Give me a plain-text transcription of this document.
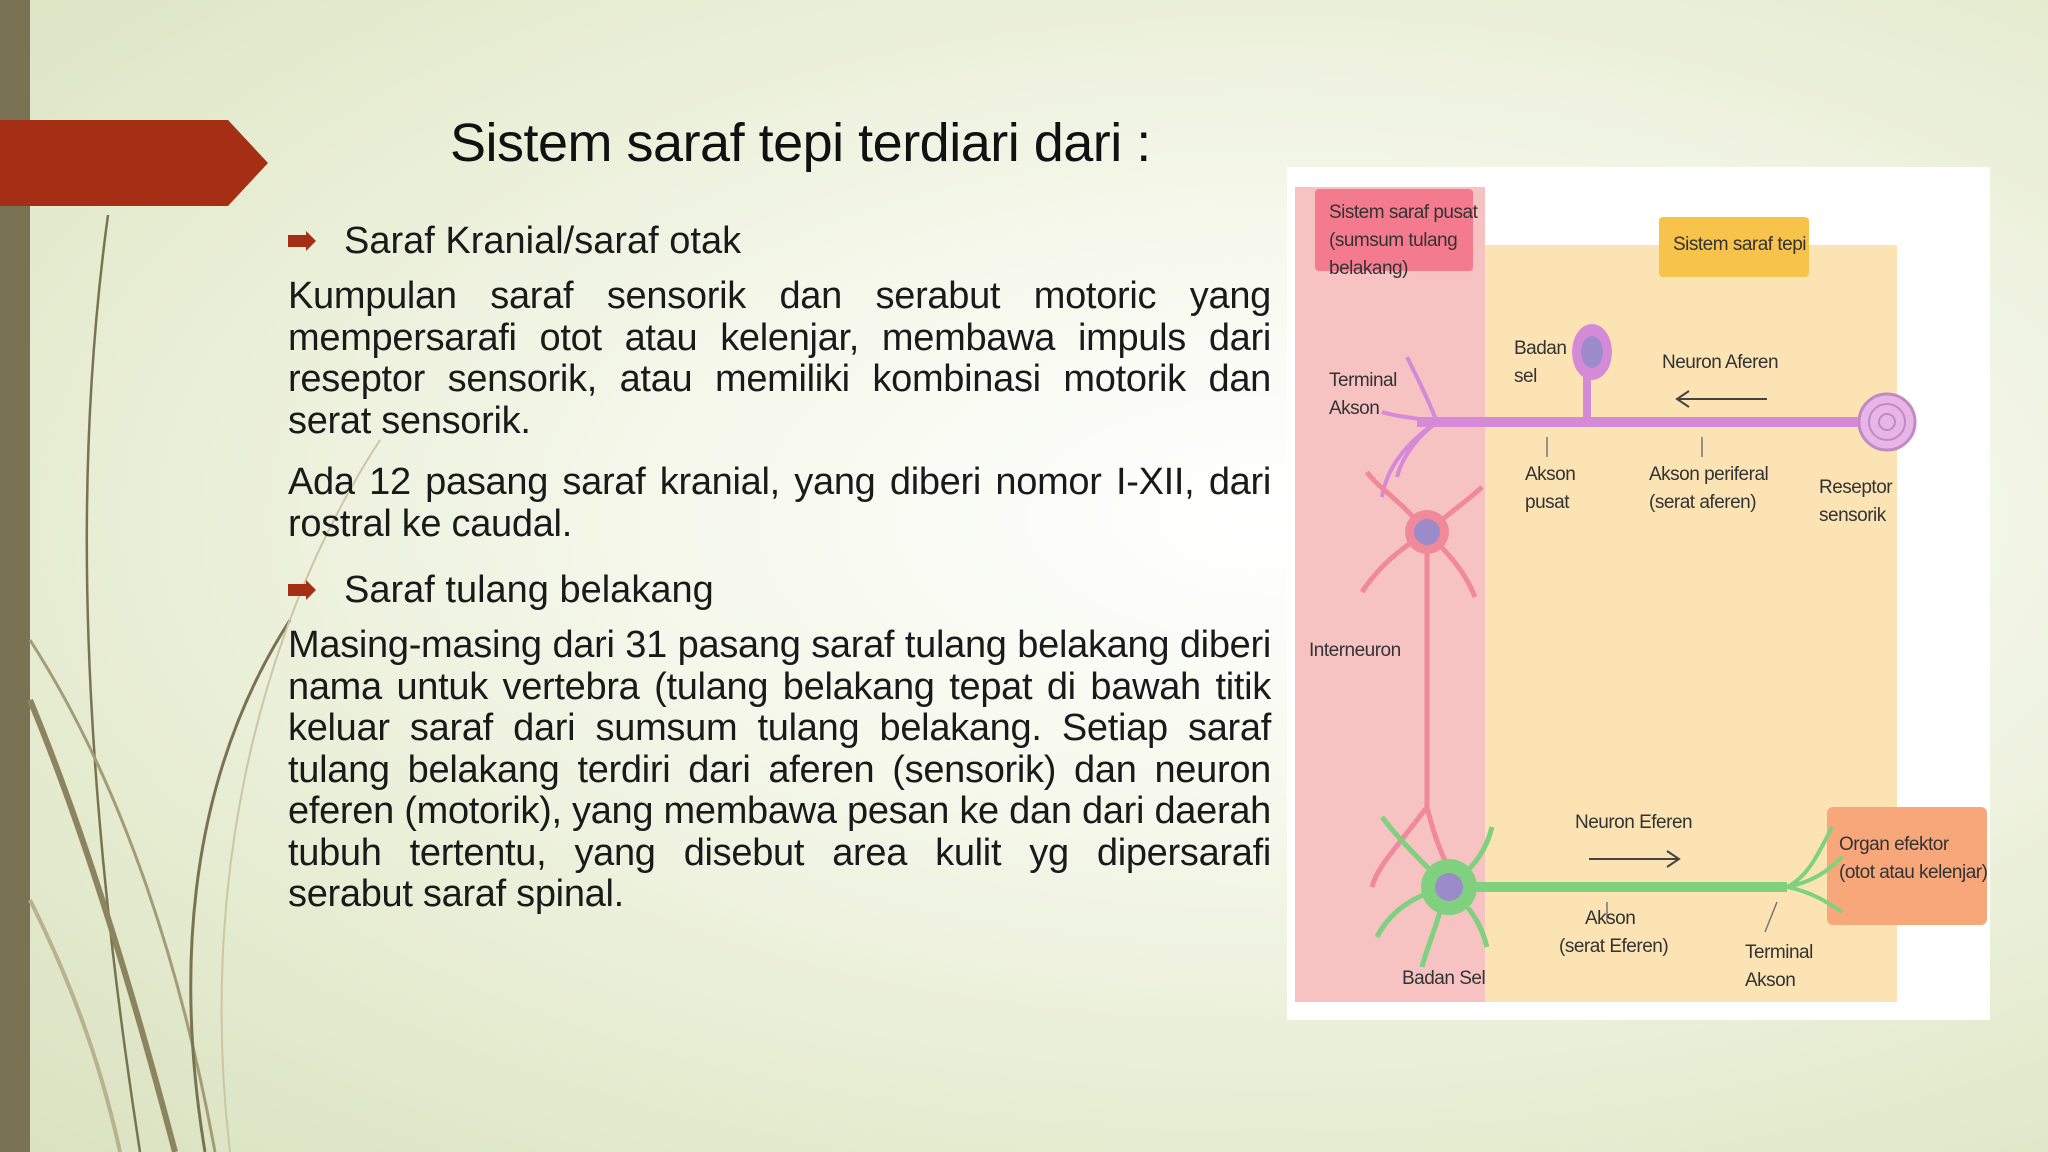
Sistem saraf tepi terdiari dari :
Saraf Kranial/saraf otak

Kumpulan saraf sensorik dan serabut motoric yang mempersarafi otot atau kelenjar, membawa impuls dari reseptor sensorik, atau memiliki kombinasi motorik dan serat sensorik.

Ada 12 pasang saraf kranial, yang diberi nomor I-XII, dari rostral ke caudal.

Saraf tulang belakang

Masing-masing dari 31 pasang saraf tulang belakang diberi nama untuk vertebra (tulang belakang tepat di bawah titik keluar saraf dari sumsum tulang belakang. Setiap saraf tulang belakang terdiri dari aferen (sensorik) dan neuron eferen (motorik), yang membawa pesan ke dan dari daerah tubuh tertentu, yang disebut area kulit yg dipersarafi serabut saraf spinal.

Sistem saraf pusat
(sumsum tulang
belakang)
Sistem saraf tepi
Terminal
Akson
Badan
sel
Neuron Aferen
Akson
pusat
Akson periferal
(serat aferen)
Reseptor
sensorik
Interneuron
Neuron Eferen
Organ efektor
(otot atau kelenjar)
Akson
(serat Eferen)	Terminal
Akson
Badan Sel
